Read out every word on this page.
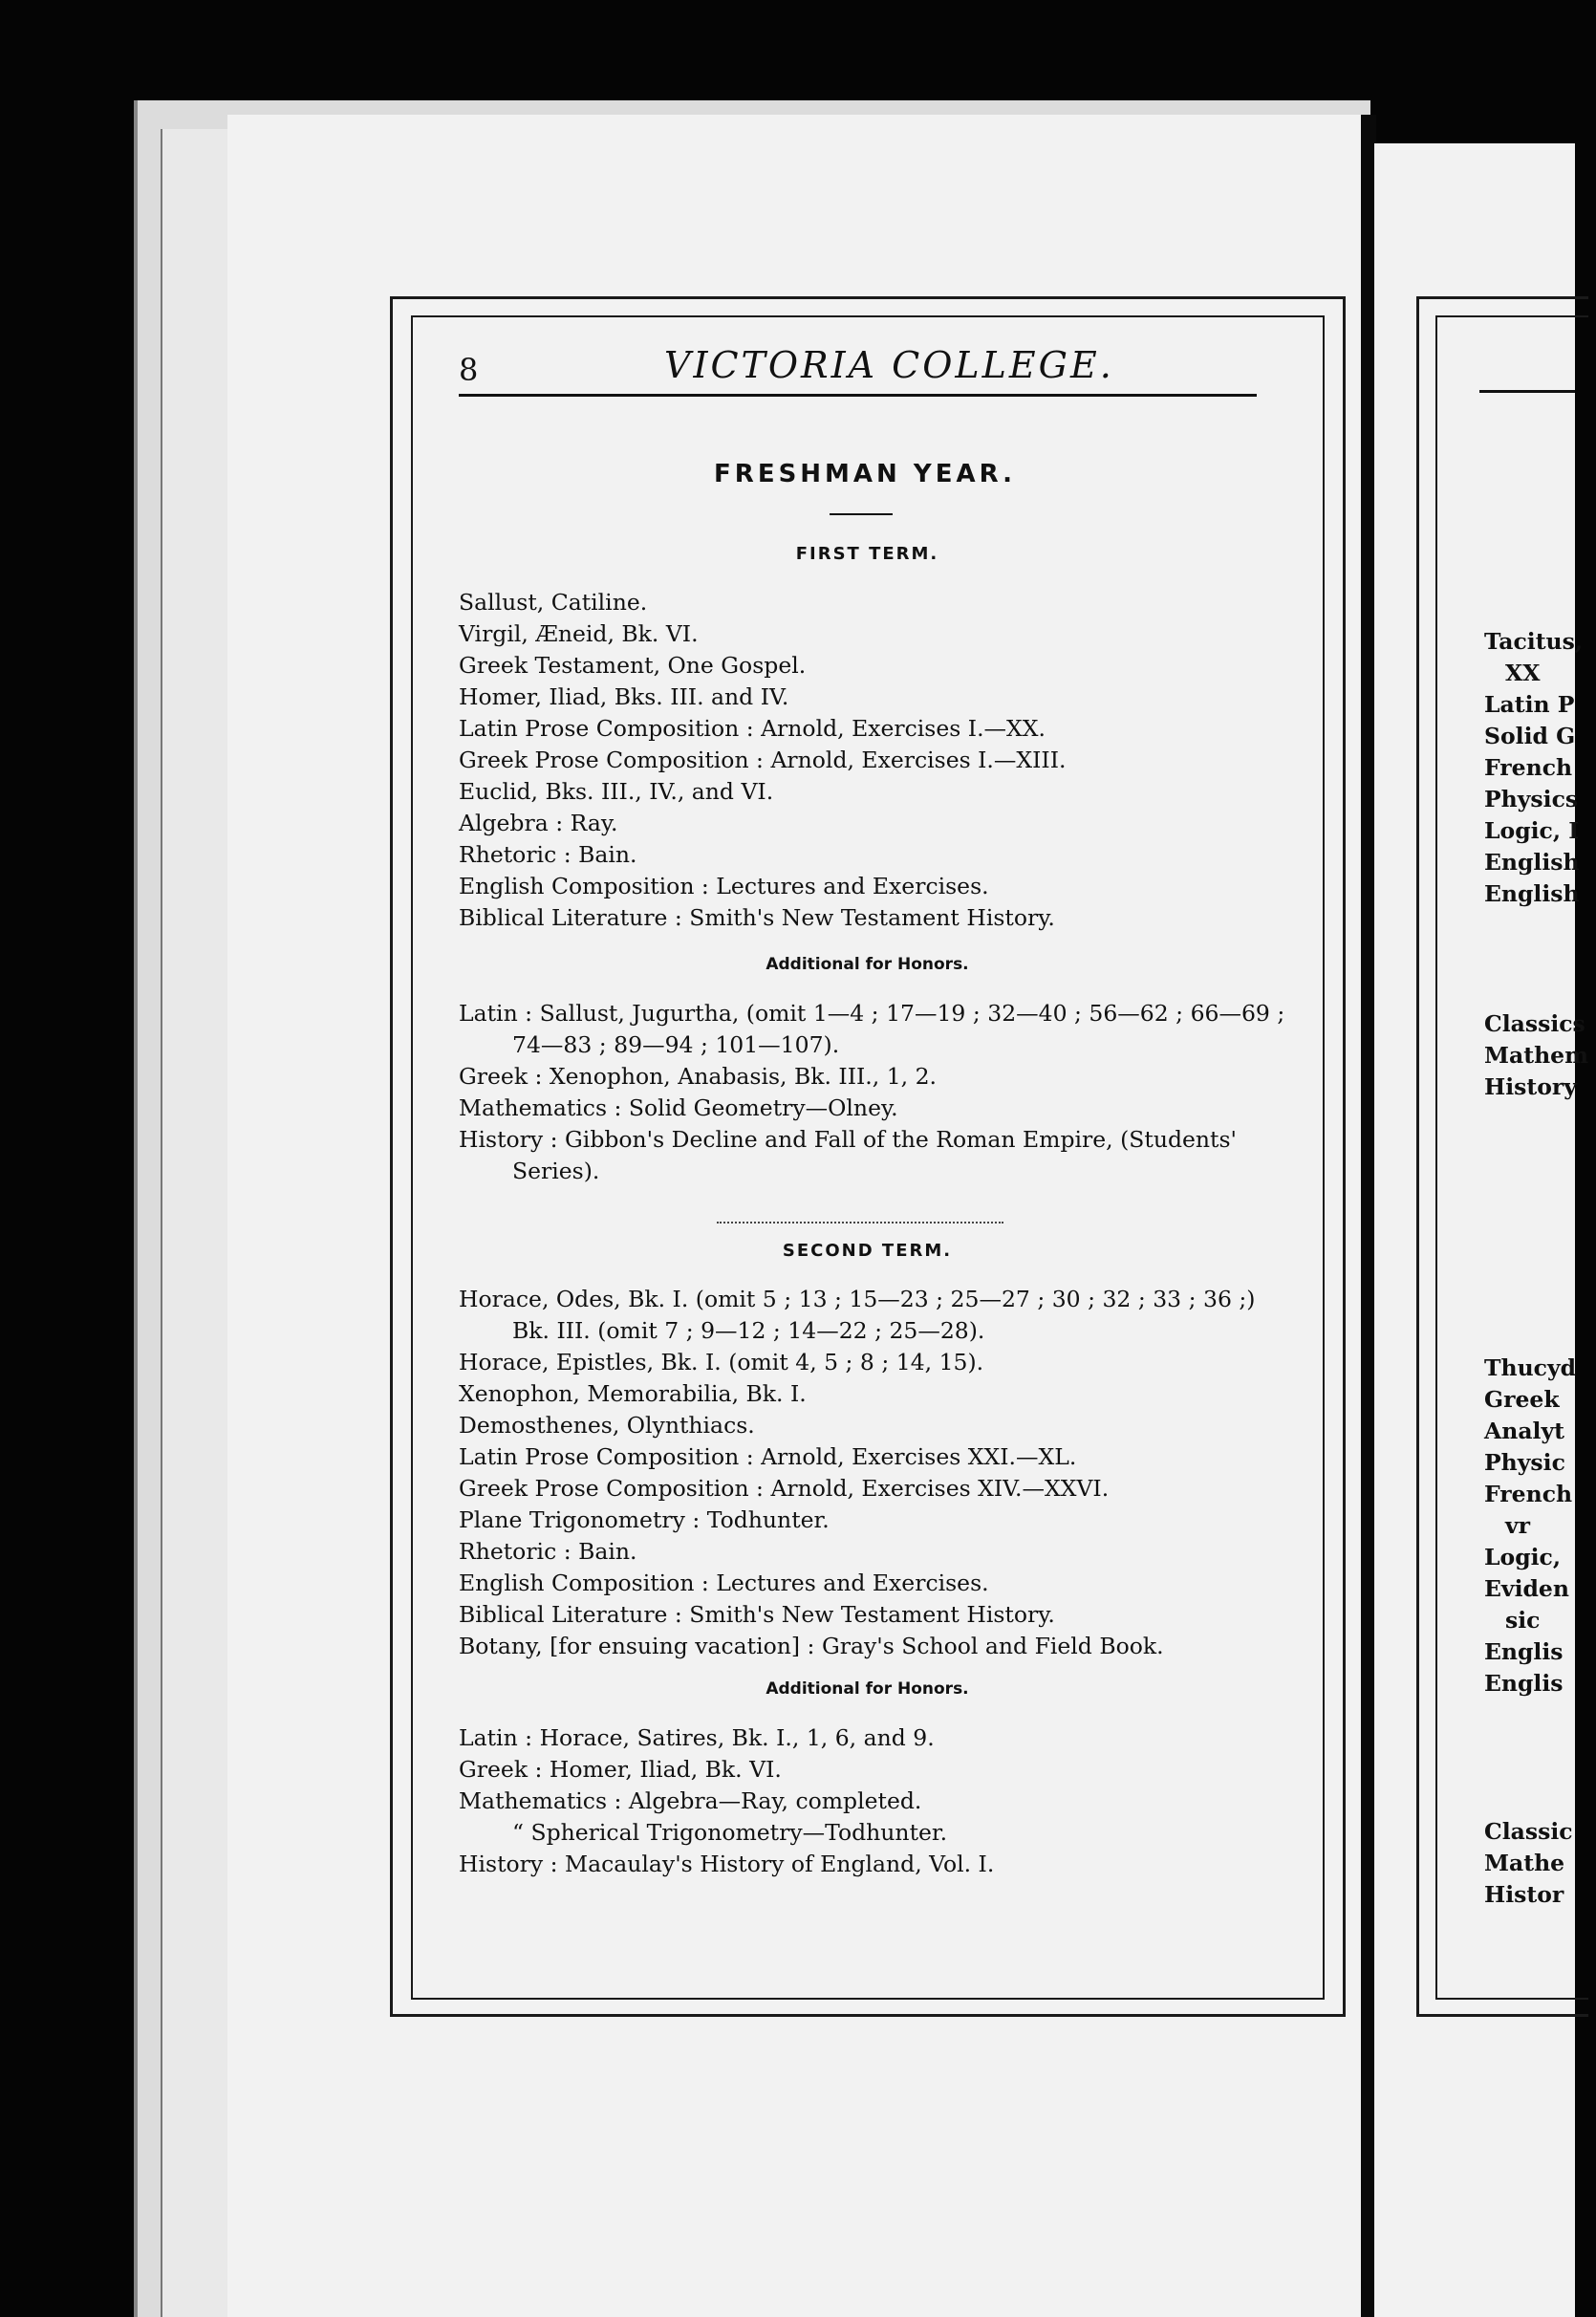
8	VICTORIA COLLEGE.
FRESHMAN YEAR.
FIRST TERM.
Sallust, Catiline.
Virgil, Æneid, Bk. VI.
Greek Testament, One Gospel.
Homer, Iliad, Bks. III. and IV.
Latin Prose Composition : Arnold, Exercises I.—XX.
Greek Prose Composition : Arnold, Exercises I.—XIII.
Euclid, Bks. III., IV., and VI.
Algebra : Ray.
Rhetoric : Bain.
English Composition : Lectures and Exercises.
Biblical Literature : Smith's New Testament History.
Additional for Honors.
Latin : Sallust, Jugurtha, (omit 1—4 ; 17—19 ; 32—40 ; 56—62 ; 66—69 ;
74—83 ; 89—94 ; 101—107).
Greek : Xenophon, Anabasis, Bk. III., 1, 2.
Mathematics : Solid Geometry—Olney.
History : Gibbon's Decline and Fall of the Roman Empire, (Students'
Series).
SECOND TERM.
Horace, Odes, Bk. I. (omit 5 ; 13 ; 15—23 ; 25—27 ; 30 ; 32 ; 33 ; 36 ;)
Bk. III. (omit 7 ; 9—12 ; 14—22 ; 25—28).
Horace, Epistles, Bk. I. (omit 4, 5 ; 8 ; 14, 15).
Xenophon, Memorabilia, Bk. I.
Demosthenes, Olynthiacs.
Latin Prose Composition : Arnold, Exercises XXI.—XL.
Greek Prose Composition : Arnold, Exercises XIV.—XXVI.
Plane Trigonometry : Todhunter.
Rhetoric : Bain.
English Composition : Lectures and Exercises.
Biblical Literature : Smith's New Testament History.
Botany, [for ensuing vacation] : Gray's School and Field Book.
Additional for Honors.
Latin : Horace, Satires, Bk. I., 1, 6, and 9.
Greek : Homer, Iliad, Bk. VI.
Mathematics : Algebra—Ray, completed.
“ Spherical Trigonometry—Todhunter.
History : Macaulay's History of England, Vol. I.
Tacitus,
XX
Latin P
Solid G
French
Physics
Logic, I
English
English
Classics
Mathem
History
Thucyd
Greek
Analyt
Physic
French
vr
Logic,
Eviden
sic
Englis
Englis
Classic
Mathe
Histor
